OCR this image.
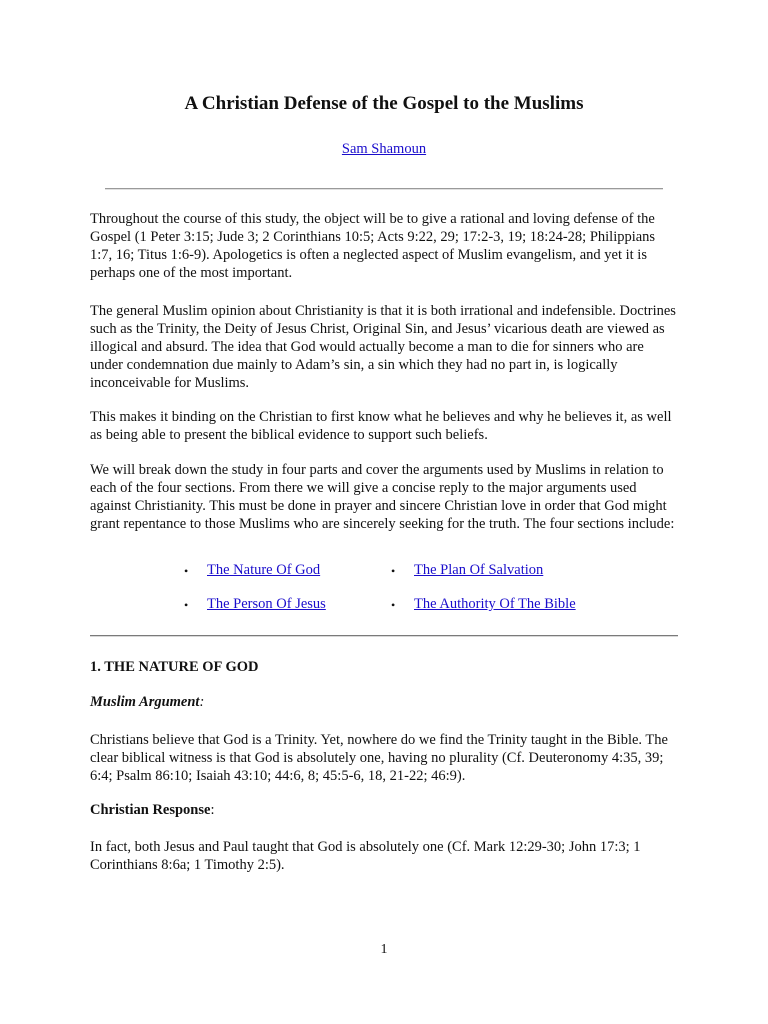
A Christian Defense of the Gospel to the Muslims
Sam Shamoun

Throughout the course of this study, the object will be to give a rational and loving defense of the Gospel (1 Peter 3:15; Jude 3; 2 Corinthians 10:5; Acts 9:22, 29; 17:2-3, 19; 18:24-28; Philippians 1:7, 16; Titus 1:6-9). Apologetics is often a neglected aspect of Muslim evangelism, and yet it is perhaps one of the most important.

The general Muslim opinion about Christianity is that it is both irrational and indefensible. Doctrines such as the Trinity, the Deity of Jesus Christ, Original Sin, and Jesus’ vicarious death are viewed as illogical and absurd. The idea that God would actually become a man to die for sinners who are under condemnation due mainly to Adam’s sin, a sin which they had no part in, is logically inconceivable for Muslims.

This makes it binding on the Christian to first know what he believes and why he believes it, as well as being able to present the biblical evidence to support such beliefs.

We will break down the study in four parts and cover the arguments used by Muslims in relation to each of the four sections. From there we will give a concise reply to the major arguments used against Christianity. This must be done in prayer and sincere Christian love in order that God might grant repentance to those Muslims who are sincerely seeking for the truth. The four sections include:

• The Nature Of God	• The Plan Of Salvation
• The Person Of Jesus	• The Authority Of The Bible
1. THE NATURE OF GOD
Muslim Argument:

Christians believe that God is a Trinity. Yet, nowhere do we find the Trinity taught in the Bible. The clear biblical witness is that God is absolutely one, having no plurality (Cf. Deuteronomy 4:35, 39; 6:4; Psalm 86:10; Isaiah 43:10; 44:6, 8; 45:5-6, 18, 21-22; 46:9).

Christian Response:

In fact, both Jesus and Paul taught that God is absolutely one (Cf. Mark 12:29-30; John 17:3; 1 Corinthians 8:6a; 1 Timothy 2:5).

1
